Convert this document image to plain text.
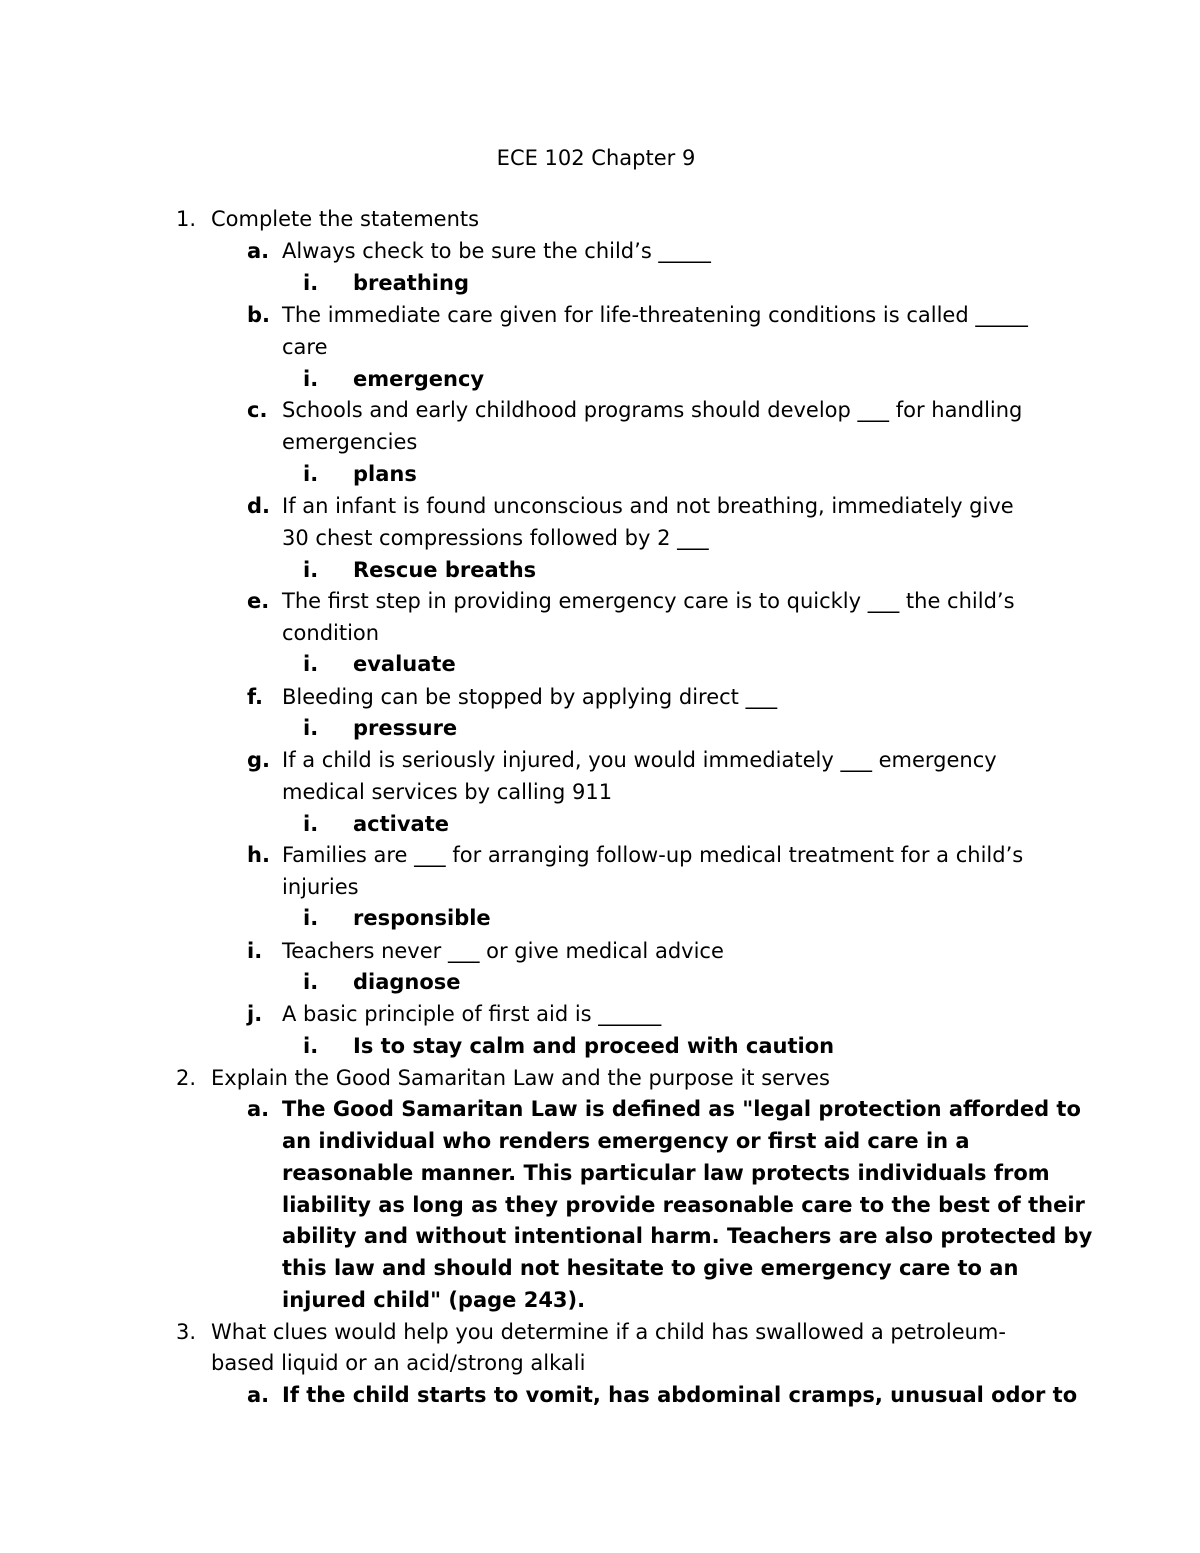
ECE 102 Chapter 9
1. Complete the statements
a. Always check to be sure the child’s _____
i. breathing
b. The immediate care given for life-threatening conditions is called _____
care
i. emergency
c. Schools and early childhood programs should develop ___ for handling
emergencies
i. plans
d. If an infant is found unconscious and not breathing, immediately give
30 chest compressions followed by 2 ___
i. Rescue breaths
e. The first step in providing emergency care is to quickly ___ the child’s
condition
i. evaluate
f. Bleeding can be stopped by applying direct ___
i. pressure
g. If a child is seriously injured, you would immediately ___ emergency
medical services by calling 911
i. activate
h. Families are ___ for arranging follow-up medical treatment for a child’s
injuries
i. responsible
i. Teachers never ___ or give medical advice
i. diagnose
j. A basic principle of first aid is ______
i. Is to stay calm and proceed with caution
2. Explain the Good Samaritan Law and the purpose it serves
a. The Good Samaritan Law is defined as "legal protection afforded to
an individual who renders emergency or first aid care in a
reasonable manner. This particular law protects individuals from
liability as long as they provide reasonable care to the best of their
ability and without intentional harm. Teachers are also protected by
this law and should not hesitate to give emergency care to an
injured child" (page 243).
3. What clues would help you determine if a child has swallowed a petroleum-
based liquid or an acid/strong alkali
a. If the child starts to vomit, has abdominal cramps, unusual odor to
